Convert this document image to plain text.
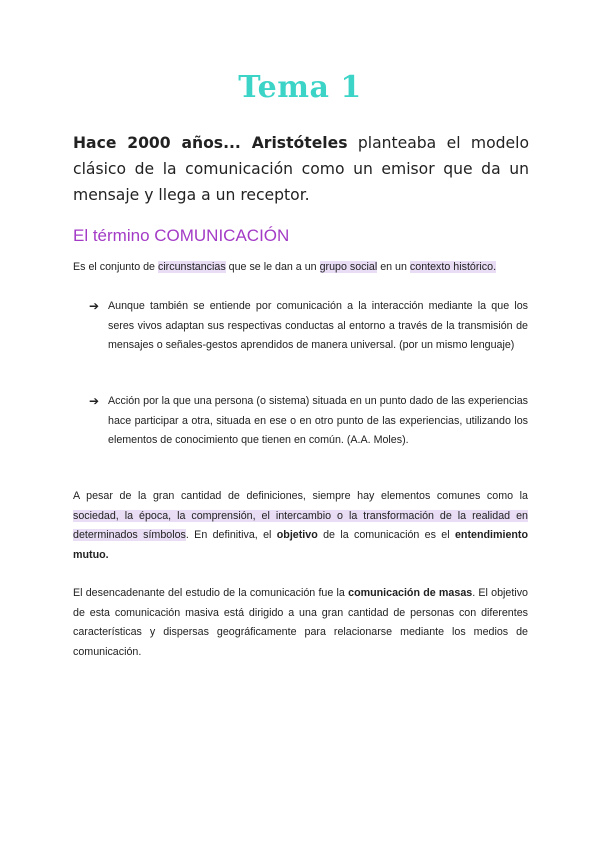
Tema 1
Hace 2000 años... Aristóteles planteaba el modelo clásico de la comunicación como un emisor que da un mensaje y llega a un receptor.
El término COMUNICACIÓN
Es el conjunto de circunstancias que se le dan a un grupo social en un contexto histórico.
➔ Aunque también se entiende por comunicación a la interacción mediante la que los seres vivos adaptan sus respectivas conductas al entorno a través de la transmisión de mensajes o señales-gestos aprendidos de manera universal. (por un mismo lenguaje)
➔ Acción por la que una persona (o sistema) situada en un punto dado de las experiencias hace participar a otra, situada en ese o en otro punto de las experiencias, utilizando los elementos de conocimiento que tienen en común. (A.A. Moles).
A pesar de la gran cantidad de definiciones, siempre hay elementos comunes como la sociedad, la época, la comprensión, el intercambio o la transformación de la realidad en determinados símbolos. En definitiva, el objetivo de la comunicación es el entendimiento mutuo.
El desencadenante del estudio de la comunicación fue la comunicación de masas. El objetivo de esta comunicación masiva está dirigido a una gran cantidad de personas con diferentes características y dispersas geográficamente para relacionarse mediante los medios de comunicación.
